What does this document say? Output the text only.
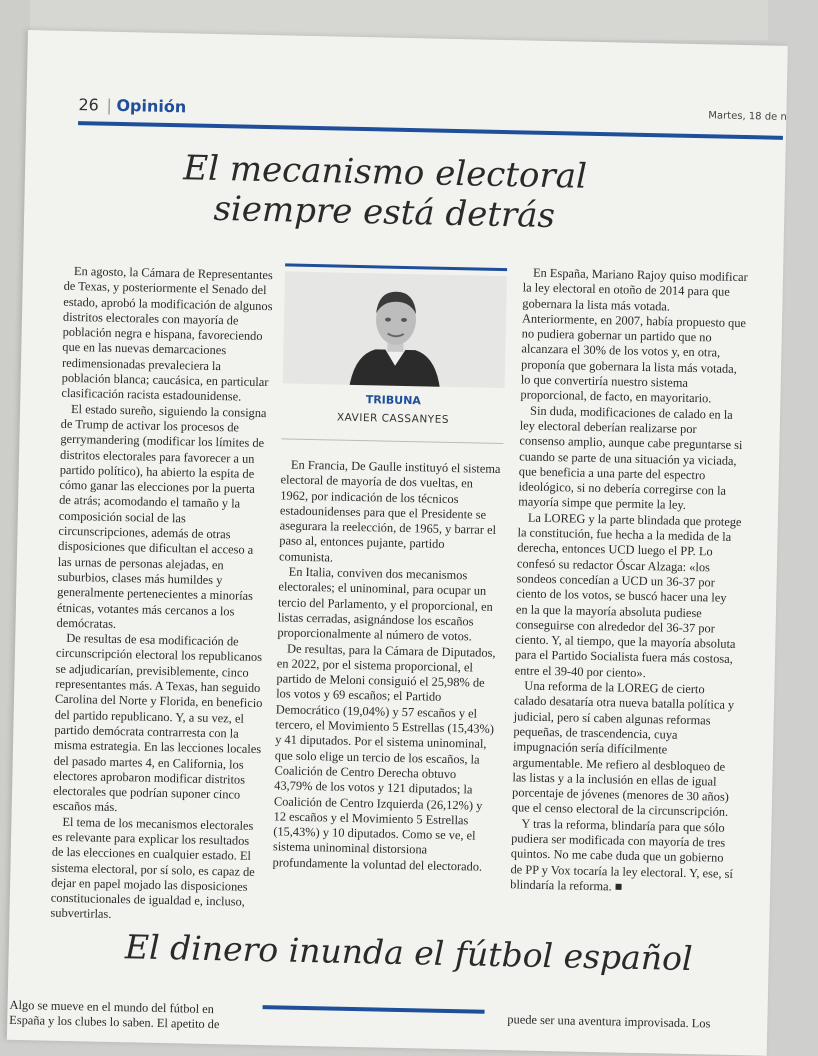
26 | Opinión
Martes, 18 de n
El mecanismo electoral
siempre está detrás

En agosto, la Cámara de Representantes de Texas, y posteriormente el Senado del estado, aprobó la modificación de algunos distritos electorales con mayoría de población negra e hispana, favoreciendo que en las nuevas demarcaciones redimensionadas prevaleciera la población blanca; caucásica, en particular clasificación racista estadounidense.

El estado sureño, siguiendo la consigna de Trump de activar los procesos de gerrymandering (modificar los límites de distritos electorales para favorecer a un partido político), ha abierto la espita de cómo ganar las elecciones por la puerta de atrás; acomodando el tamaño y la composición social de las circunscripciones, además de otras disposiciones que dificultan el acceso a las urnas de personas alejadas, en suburbios, clases más humildes y generalmente pertenecientes a minorías étnicas, votantes más cercanos a los demócratas.

De resultas de esa modificación de circunscripción electoral los republicanos se adjudicarían, previsiblemente, cinco representantes más. A Texas, han seguido Carolina del Norte y Florida, en beneficio del partido republicano. Y, a su vez, el partido demócrata contrarresta con la misma estrategia. En las lecciones locales del pasado martes 4, en California, los electores aprobaron modificar distritos electorales que podrían suponer cinco escaños más.

El tema de los mecanismos electorales es relevante para explicar los resultados de las elecciones en cualquier estado. El sistema electoral, por sí solo, es capaz de dejar en papel mojado las disposiciones constitucionales de igualdad e, incluso, subvertirlas.

TRIBUNA
XAVIER CASSANYES

En Francia, De Gaulle instituyó el sistema electoral de mayoría de dos vueltas, en 1962, por indicación de los técnicos estadounidenses para que el Presidente se asegurara la reelección, de 1965, y barrar el paso al, entonces pujante, partido comunista.

En Italia, conviven dos mecanismos electorales; el uninominal, para ocupar un tercio del Parlamento, y el proporcional, en listas cerradas, asignándose los escaños proporcionalmente al número de votos.

De resultas, para la Cámara de Diputados, en 2022, por el sistema proporcional, el partido de Meloni consiguió el 25,98% de los votos y 69 escaños; el Partido Democrático (19,04%) y 57 escaños y el tercero, el Movimiento 5 Estrellas (15,43%) y 41 diputados. Por el sistema uninominal, que solo elige un tercio de los escaños, la Coalición de Centro Derecha obtuvo 43,79% de los votos y 121 diputados; la Coalición de Centro Izquierda (26,12%) y 12 escaños y el Movimiento 5 Estrellas (15,43%) y 10 diputados. Como se ve, el sistema uninominal distorsiona profundamente la voluntad del electorado.

En España, Mariano Rajoy quiso modificar la ley electoral en otoño de 2014 para que gobernara la lista más votada. Anteriormente, en 2007, había propuesto que no pudiera gobernar un partido que no alcanzara el 30% de los votos y, en otra, proponía que gobernara la lista más votada, lo que convertiría nuestro sistema proporcional, de facto, en mayoritario.

Sin duda, modificaciones de calado en la ley electoral deberían realizarse por consenso amplio, aunque cabe preguntarse si cuando se parte de una situación ya viciada, que beneficia a una parte del espectro ideológico, si no debería corregirse con la mayoría simpe que permite la ley.

La LOREG y la parte blindada que protege la constitución, fue hecha a la medida de la derecha, entonces UCD luego el PP. Lo confesó su redactor Óscar Alzaga: «los sondeos concedían a UCD un 36-37 por ciento de los votos, se buscó hacer una ley en la que la mayoría absoluta pudiese conseguirse con alrededor del 36-37 por ciento. Y, al tiempo, que la mayoría absoluta para el Partido Socialista fuera más costosa, entre el 39-40 por ciento».

Una reforma de la LOREG de cierto calado desataría otra nueva batalla política y judicial, pero sí caben algunas reformas pequeñas, de trascendencia, cuya impugnación sería difícilmente argumentable. Me refiero al desbloqueo de las listas y a la inclusión en ellas de igual porcentaje de jóvenes (menores de 30 años) que el censo electoral de la circunscripción.

Y tras la reforma, blindaría para que sólo pudiera ser modificada con mayoría de tres quintos. No me cabe duda que un gobierno de PP y Vox tocaría la ley electoral. Y, ese, sí blindaría la reforma. ■

El dinero inunda el fútbol español
Algo se mueve en el mundo del fútbol en
España y los clubes lo saben. El apetito de	puede ser una aventura improvisada. Los
